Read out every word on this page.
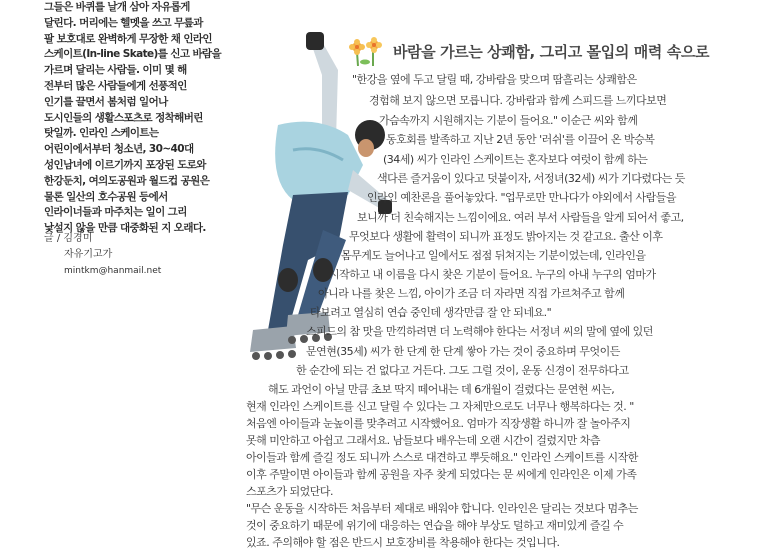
그들은 바퀴를 날개 삼아 자유롭게

달린다. 머리에는 헬멧을 쓰고 무릎과

팔 보호대로 완벽하게 무장한 채 인라인

스케이트(In-line Skate)를 신고 바람을

가르며 달리는 사람들. 이미 몇 해

전부터 많은 사람들에게 선풍적인

인기를 끌면서 봄처럼 일어나

도시인들의 생활스포츠로 정착해버린

탓일까. 인라인 스케이트는

어린이에서부터 청소년, 30~40대

성인남녀에 이르기까지 포장된 도로와

한강둔치, 여의도공원과 월드컵 공원은

물론 일산의 호수공원 등에서

인라이너들과 마주치는 일이 그리

낯설지 않을 만큼 대중화된 지 오래다.

글 / 김경미
자유기고가
mintkm@hanmail.net
바람을 가르는 상쾌함, 그리고 몰입의 매력 속으로
"한강을 옆에 두고 달릴 때, 강바람을 맞으며 땀흘리는 상쾌함은
경험해 보지 않으면 모릅니다. 강바람과 함께 스피드를 느끼다보면
가슴속까지 시원해지는 기분이 들어요." 이순근 씨와 함께
동호회를 발족하고 지난 2년 동안 '러쉬'를 이끌어 온 박승복
(34세) 씨가 인라인 스케이트는 혼자보다 여럿이 함께 하는
색다른 즐거움이 있다고 덧붙이자, 서정녀(32세) 씨가 기다렸다는 듯
인라인 예찬론을 풀어놓았다. "업무로만 만나다가 야외에서 사람들을
보니까 더 친숙해지는 느낌이에요. 여러 부서 사람들을 알게 되어서 좋고,
무엇보다 생활에 활력이 되니까 표정도 밝아지는 것 같고요. 출산 이후
몸무게도 늘어나고 일에서도 점점 뒤쳐지는 기분이었는데, 인라인을
시작하고 내 이름을 다시 찾은 기분이 들어요. 누구의 아내 누구의 엄마가
아니라 나를 찾은 느낌, 아이가 조금 더 자라면 직접 가르쳐주고 함께
타보려고 열심히 연습 중인데 생각만큼 잘 안 되네요."
스피드의 참 맛을 만끽하려면 더 노력해야 한다는 서정녀 씨의 말에 옆에 있던
문연현(35세) 씨가 한 단계 한 단계 쌓아 가는 것이 중요하며 무엇이든
한 순간에 되는 건 없다고 거든다. 그도 그럴 것이, 운동 신경이 전무하다고
해도 과언이 아닐 만큼 초보 딱지 떼어내는 데 6개월이 걸렸다는 문연현 씨는,
현재 인라인 스케이트를 신고 달릴 수 있다는 그 자체만으로도 너무나 행복하다는 것. "
처음엔 아이들과 눈높이를 맞추려고 시작했어요. 엄마가 직장생활 하니까 잘 놀아주지
못해 미안하고 아쉽고 그래서요. 남들보다 배우는데 오랜 시간이 걸렸지만 차츰
아이들과 함께 즐길 정도 되니까 스스로 대견하고 뿌듯해요." 인라인 스케이트를 시작한
이후 주말이면 아이들과 함께 공원을 자주 찾게 되었다는 문 씨에게 인라인은 이제 가족
스포츠가 되었단다.
"무슨 운동을 시작하든 처음부터 제대로 배워야 합니다. 인라인은 달리는 것보다 멈추는
것이 중요하기 때문에 위기에 대응하는 연습을 해야 부상도 덜하고 재미있게 즐길 수
있죠. 주의해야 할 점은 반드시 보호장비를 착용해야 한다는 것입니다.
